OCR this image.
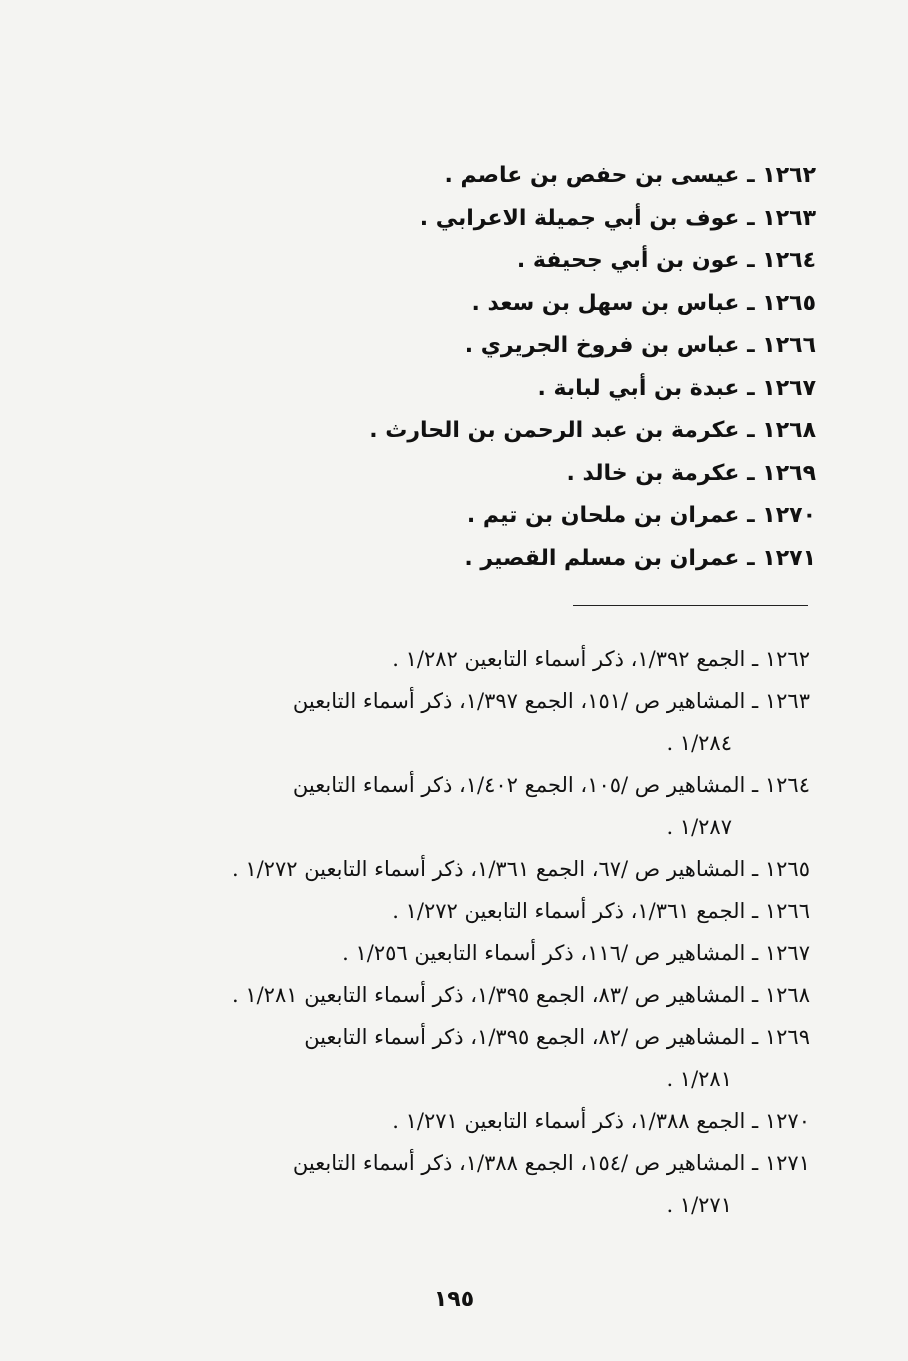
١٢٦٢ ـ عيسى بن حفص بن عاصم .
١٢٦٣ ـ عوف بن أبي جميلة الاعرابي .
١٢٦٤ ـ عون بن أبي جحيفة .
١٢٦٥ ـ عباس بن سهل بن سعد .
١٢٦٦ ـ عباس بن فروخ الجريري .
١٢٦٧ ـ عبدة بن أبي لبابة .
١٢٦٨ ـ عكرمة بن عبد الرحمن بن الحارث .
١٢٦٩ ـ عكرمة بن خالد .
١٢٧٠ ـ عمران بن ملحان بن تيم .
١٢٧١ ـ عمران بن مسلم القصير .
١٢٦٢ ـ الجمع ١/٣٩٢، ذكر أسماء التابعين ١/٢٨٢ .
١٢٦٣ ـ المشاهير ص /١٥١، الجمع ١/٣٩٧، ذكر أسماء التابعين
١/٢٨٤ .
١٢٦٤ ـ المشاهير ص /١٠٥، الجمع ١/٤٠٢، ذكر أسماء التابعين
١/٢٨٧ .
١٢٦٥ ـ المشاهير ص /٦٧، الجمع ١/٣٦١، ذكر أسماء التابعين ١/٢٧٢ .
١٢٦٦ ـ الجمع ١/٣٦١، ذكر أسماء التابعين ١/٢٧٢ .
١٢٦٧ ـ المشاهير ص /١١٦، ذكر أسماء التابعين ١/٢٥٦ .
١٢٦٨ ـ المشاهير ص /٨٣، الجمع ١/٣٩٥، ذكر أسماء التابعين ١/٢٨١ .
١٢٦٩ ـ المشاهير ص /٨٢، الجمع ١/٣٩٥، ذكر أسماء التابعين
١/٢٨١ .
١٢٧٠ ـ الجمع ١/٣٨٨، ذكر أسماء التابعين ١/٢٧١ .
١٢٧١ ـ المشاهير ص /١٥٤، الجمع ١/٣٨٨، ذكر أسماء التابعين
١/٢٧١ .
١٩٥
